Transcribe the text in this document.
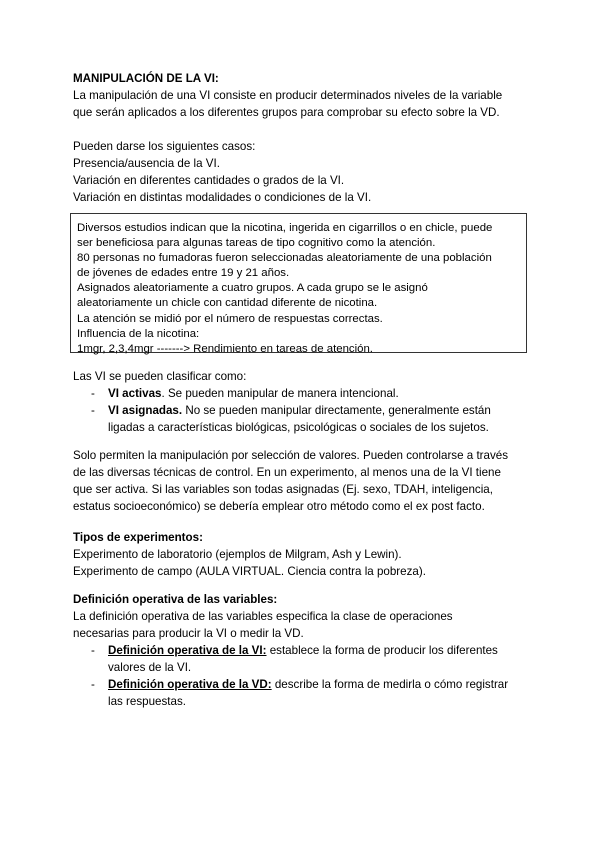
MANIPULACIÓN DE LA VI:
La manipulación de una VI consiste en producir determinados niveles de la variable
que serán aplicados a los diferentes grupos para comprobar su efecto sobre la VD.
Pueden darse los siguientes casos:
Presencia/ausencia de la VI.
Variación en diferentes cantidades o grados de la VI.
Variación en distintas modalidades o condiciones de la VI.
Diversos estudios indican que la nicotina, ingerida en cigarrillos o en chicle, puede
ser beneficiosa para algunas tareas de tipo cognitivo como la atención.
80 personas no fumadoras fueron seleccionadas aleatoriamente de una población
de jóvenes de edades entre 19 y 21 años.
Asignados aleatoriamente a cuatro grupos. A cada grupo se le asignó
aleatoriamente un chicle con cantidad diferente de nicotina.
La atención se midió por el número de respuestas correctas.
Influencia de la nicotina:
1mgr, 2,3,4mgr -------> Rendimiento en tareas de atención.
Las VI se pueden clasificar como:
- VI activas. Se pueden manipular de manera intencional.
- VI asignadas. No se pueden manipular directamente, generalmente están
ligadas a características biológicas, psicológicas o sociales de los sujetos.
Solo permiten la manipulación por selección de valores. Pueden controlarse a través
de las diversas técnicas de control. En un experimento, al menos una de la VI tiene
que ser activa. Si las variables son todas asignadas (Ej. sexo, TDAH, inteligencia,
estatus socioeconómico) se debería emplear otro método como el ex post facto.
Tipos de experimentos:
Experimento de laboratorio (ejemplos de Milgram, Ash y Lewin).
Experimento de campo (AULA VIRTUAL. Ciencia contra la pobreza).
Definición operativa de las variables:
La definición operativa de las variables especifica la clase de operaciones
necesarias para producir la VI o medir la VD.
- Definición operativa de la VI: establece la forma de producir los diferentes
valores de la VI.
- Definición operativa de la VD: describe la forma de medirla o cómo registrar
las respuestas.
